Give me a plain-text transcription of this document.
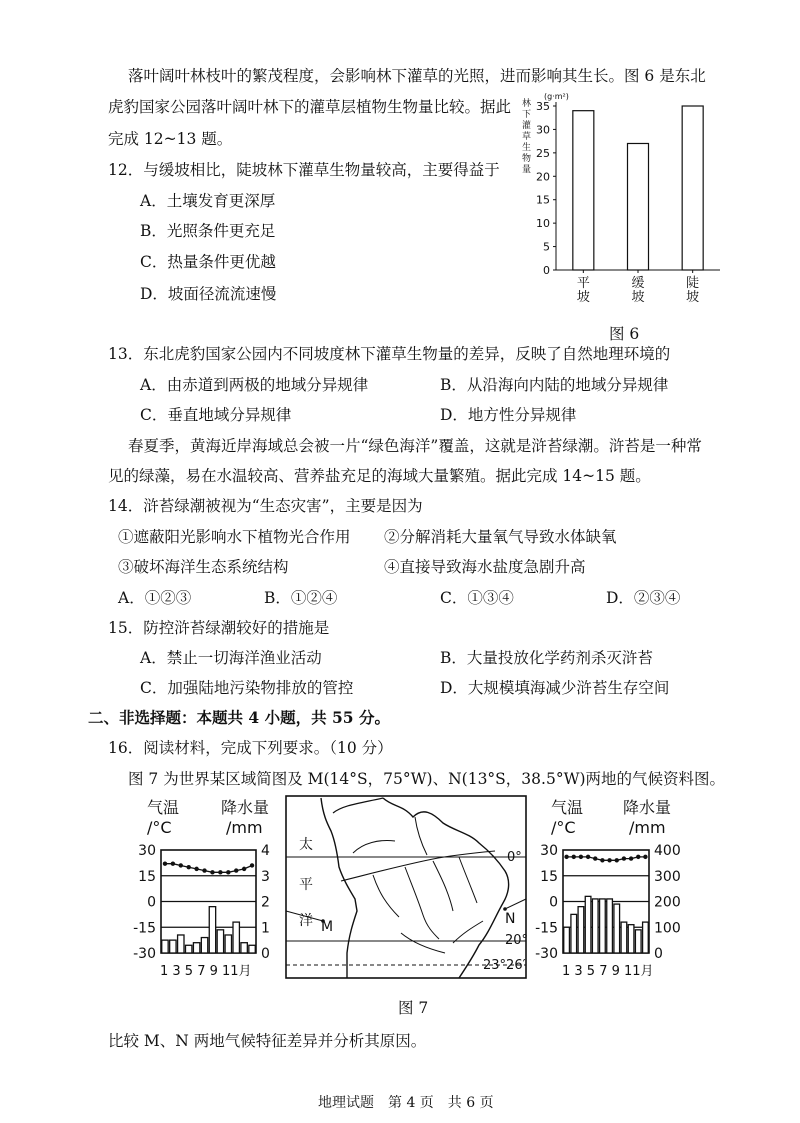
落叶阔叶林枝叶的繁茂程度，会影响林下灌草的光照，进而影响其生长。图 6 是东北
虎豹国家公园落叶阔叶林下的灌草层植物生物量比较。据此
完成 12~13 题。
12．与缓坡相比，陡坡林下灌草生物量较高，主要得益于
A．土壤发育更深厚
B．光照条件更充足
C．热量条件更优越
D．坡面径流流速慢
林
下
灌
草
生
物
量
(g·m²)
0
5
10
15
20
25
30
35
平
坡
缓
坡
陡
坡
图 6
13．东北虎豹国家公园内不同坡度林下灌草生物量的差异，反映了自然地理环境的
A．由赤道到两极的地域分异规律	B．从沿海向内陆的地域分异规律
C．垂直地域分异规律	D．地方性分异规律
春夏季，黄海近岸海域总会被一片“绿色海洋”覆盖，这就是浒苔绿潮。浒苔是一种常
见的绿藻，易在水温较高、营养盐充足的海域大量繁殖。据此完成 14~15 题。
14．浒苔绿潮被视为“生态灾害”，主要是因为
①遮蔽阳光影响水下植物光合作用 ②分解消耗大量氧气导致水体缺氧
③破坏海洋生态系统结构	④直接导致海水盐度急剧升高
A．①②③	B．①②④	C．①③④	D．②③④
15．防控浒苔绿潮较好的措施是
A．禁止一切海洋渔业活动	B．大量投放化学药剂杀灭浒苔
C．加强陆地污染物排放的管控	D．大规模填海减少浒苔生存空间
二、非选择题：本题共 4 小题，共 55 分。
16．阅读材料，完成下列要求。（10 分）
图 7 为世界某区域简图及 M(14°S，75°W)、N(13°S，38.5°W)两地的气候资料图。
气温
/°C
降水量
/mm
30
15
0
-15
-30
4
3
2
1
0
1 3 5 7 9 11月
太
平
洋 M	N
0°
20°
23°26′
气温
/°C
降水量
/mm
30
15
0
-15
-30
400
300
200
100
0
1 3 5 7 9 11月
图 7
比较 M、N 两地气候特征差异并分析其原因。
地理试题　第 4 页　共 6 页
